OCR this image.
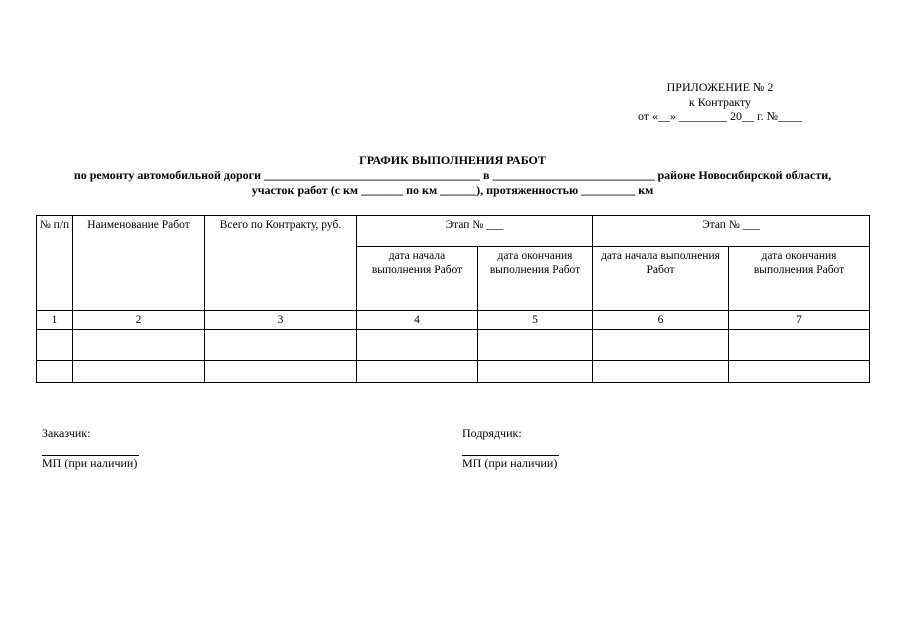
ПРИЛОЖЕНИЕ № 2
к Контракту
от «__» ________ 20__ г. №____
ГРАФИК ВЫПОЛНЕНИЯ РАБОТ
по ремонту автомобильной дороги ____________________________________ в ___________________________ районе Новосибирской области,
участок работ (с км _______ по км ______), протяженностью _________ км
№ п/п	Наименование Работ	Всего по Контракту, руб.	Этап № ___		Этап № ___	
			дата начала выполнения Работ	дата окончания выполнения Работ	дата начала выполнения Работ	дата окончания выполнения Работ
1	2	3	4	5	6	7

Заказчик:
МП (при наличии)
Подрядчик:
МП (при наличии)
